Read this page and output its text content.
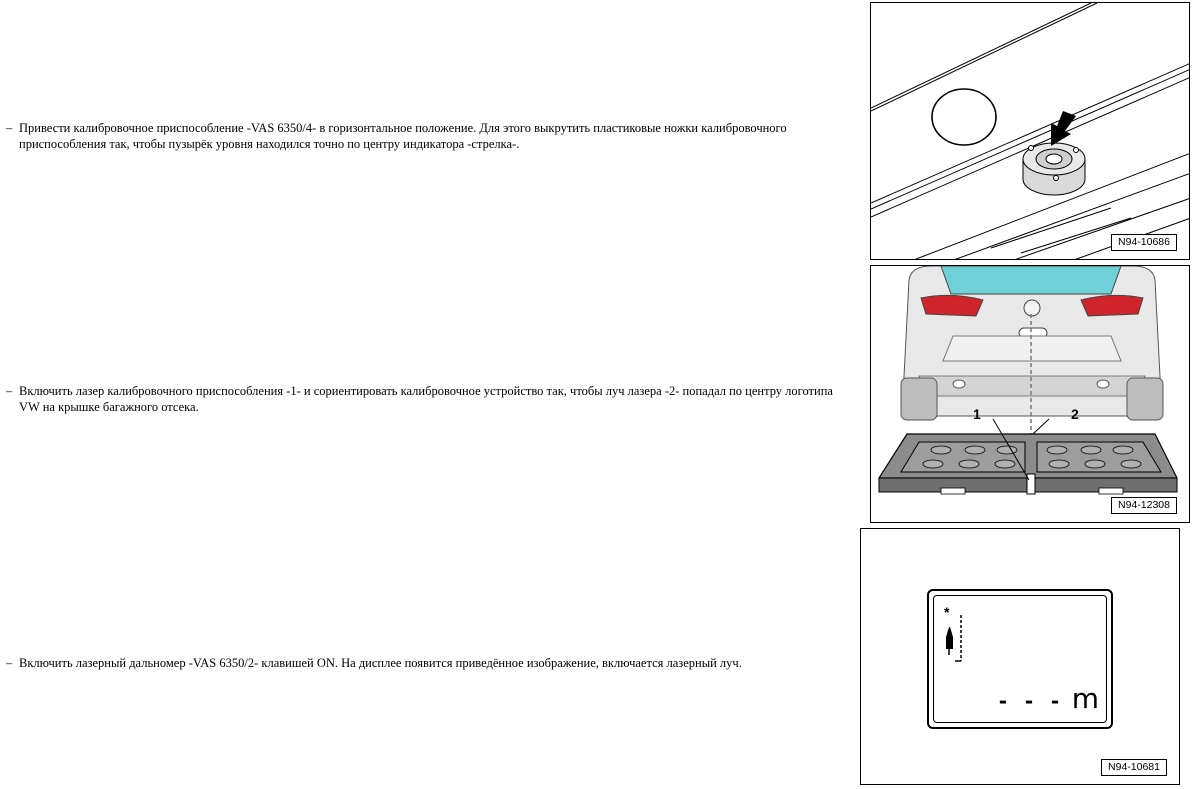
– Привести калибровочное приспособление -VAS 6350/4- в горизонтальное положение. Для этого выкрутить пластиковые ножки калибровочного приспособления так, чтобы пузырёк уровня находился точно по центру индикатора -стрелка-.
– Включить лазер калибровочного приспособления -1- и сориентировать калибровочное устройство так, чтобы луч лазера -2- попадал по центру логотипа VW на крышке багажного отсека.
– Включить лазерный дальномер -VAS 6350/2- клавишей ON. На дисплее появится приведённое изображение, включается лазерный луч.
N94-10686
1	2
N94-12308
*
- - - m
N94-10681
